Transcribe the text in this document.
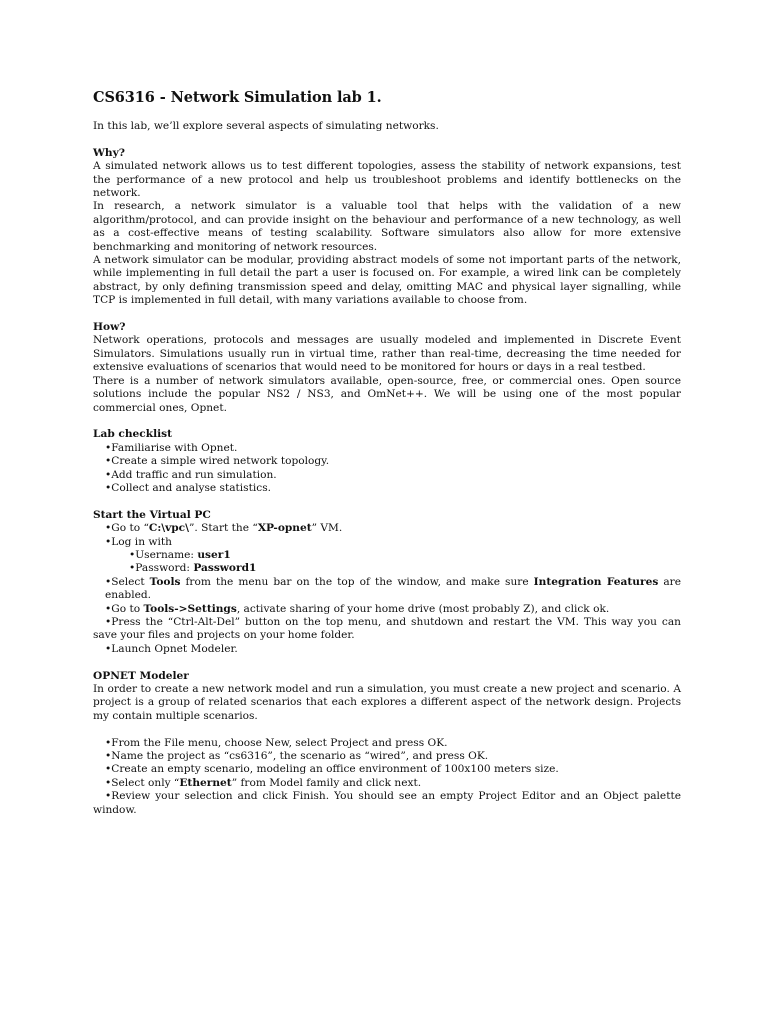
CS6316 - Network Simulation lab 1.

In this lab, we’ll explore several aspects of simulating networks.

Why?

A simulated network allows us to test different topologies, assess the stability of network expansions, test the performance of a new protocol and help us troubleshoot problems and identify bottlenecks on the network.

In research, a network simulator is a valuable tool that helps with the validation of a new algorithm/protocol, and can provide insight on the behaviour and performance of a new technology, as well as a cost-effective means of testing scalability. Software simulators also allow for more extensive benchmarking and monitoring of network resources.

A network simulator can be modular, providing abstract models of some not important parts of the network, while implementing in full detail the part a user is focused on. For example, a wired link can be completely abstract, by only defining transmission speed and delay, omitting MAC and physical layer signalling, while TCP is implemented in full detail, with many variations available to choose from.

How?

Network operations, protocols and messages are usually modeled and implemented in Discrete Event Simulators. Simulations usually run in virtual time, rather than real-time, decreasing the time needed for extensive evaluations of scenarios that would need to be monitored for hours or days in a real testbed.

There is a number of network simulators available, open-source, free, or commercial ones. Open source solutions include the popular NS2 / NS3, and OmNet++. We will be using one of the most popular commercial ones, Opnet.

Lab checklist

•Familiarise with Opnet.

•Create a simple wired network topology.

•Add traffic and run simulation.

•Collect and analyse statistics.

Start the Virtual PC

•Go to “C:\vpc\”. Start the “XP-opnet” VM.

•Log in with

•Username: user1

•Password: Password1

•Select Tools from the menu bar on the top of the window, and make sure Integration Features are enabled.

•Go to Tools->Settings, activate sharing of your home drive (most probably Z), and click ok.

•Press the “Ctrl-Alt-Del” button on the top menu, and shutdown and restart the VM. This way you can save your files and projects on your home folder.

•Launch Opnet Modeler.

OPNET Modeler

In order to create a new network model and run a simulation, you must create a new project and scenario. A project is a group of related scenarios that each explores a different aspect of the network design. Projects my contain multiple scenarios.

•From the File menu, choose New, select Project and press OK.

•Name the project as “cs6316”, the scenario as “wired”, and press OK.

•Create an empty scenario, modeling an office environment of 100x100 meters size.

•Select only “Ethernet” from Model family and click next.

•Review your selection and click Finish. You should see an empty Project Editor and an Object palette window.
